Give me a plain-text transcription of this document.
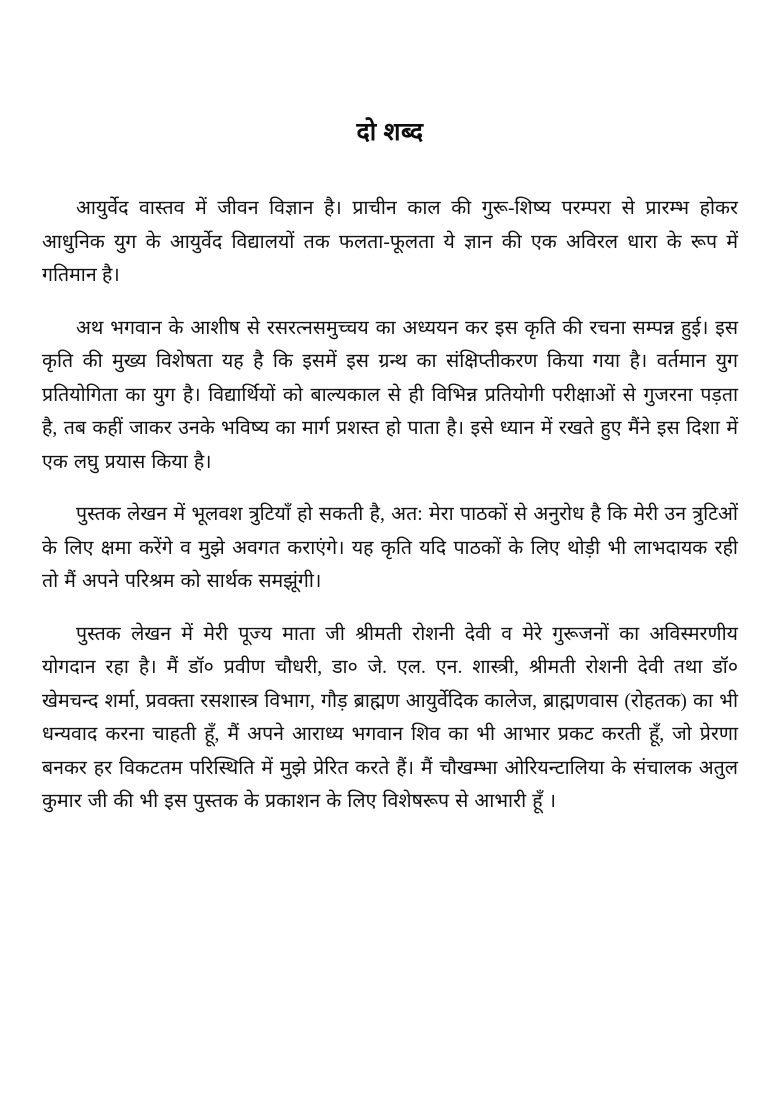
दो शब्द

आयुर्वेद वास्तव में जीवन विज्ञान है। प्राचीन काल की गुरू-शिष्य परम्परा से प्रारम्भ होकर आधुनिक युग के आयुर्वेद विद्यालयों तक फलता-फूलता ये ज्ञान की एक अविरल धारा के रूप में गतिमान है।

अथ भगवान के आशीष से रसरत्नसमुच्चय का अध्ययन कर इस कृति की रचना सम्पन्न हुई। इस कृति की मुख्य विशेषता यह है कि इसमें इस ग्रन्थ का संक्षिप्तीकरण किया गया है। वर्तमान युग प्रतियोगिता का युग है। विद्यार्थियों को बाल्यकाल से ही विभिन्न प्रतियोगी परीक्षाओं से गुजरना पड़ता है, तब कहीं जाकर उनके भविष्य का मार्ग प्रशस्त हो पाता है। इसे ध्यान में रखते हुए मैंने इस दिशा में एक लघु प्रयास किया है।

पुस्तक लेखन में भूलवश त्रुटियाँ हो सकती है, अत: मेरा पाठकों से अनुरोध है कि मेरी उन त्रुटिओं के लिए क्षमा करेंगे व मुझे अवगत कराएंगे। यह कृति यदि पाठकों के लिए थोड़ी भी लाभदायक रही तो मैं अपने परिश्रम को सार्थक समझूंगी।

पुस्तक लेखन में मेरी पूज्य माता जी श्रीमती रोशनी देवी व मेरे गुरूजनों का अविस्मरणीय योगदान रहा है। मैं डॉ० प्रवीण चौधरी, डा० जे. एल. एन. शास्त्री, श्रीमती रोशनी देवी तथा डॉ० खेमचन्द शर्मा, प्रवक्ता रसशास्त्र विभाग, गौड़ ब्राह्मण आयुर्वेदिक कालेज, ब्राह्मणवास (रोहतक) का भी धन्यवाद करना चाहती हूँ, मैं अपने आराध्य भगवान शिव का भी आभार प्रकट करती हूँ, जो प्रेरणा बनकर हर विकटतम परिस्थिति में मुझे प्रेरित करते हैं। मैं चौखम्भा ओरियन्टालिया के संचालक अतुल कुमार जी की भी इस पुस्तक के प्रकाशन के लिए विशेषरूप से आभारी हूँ ।
